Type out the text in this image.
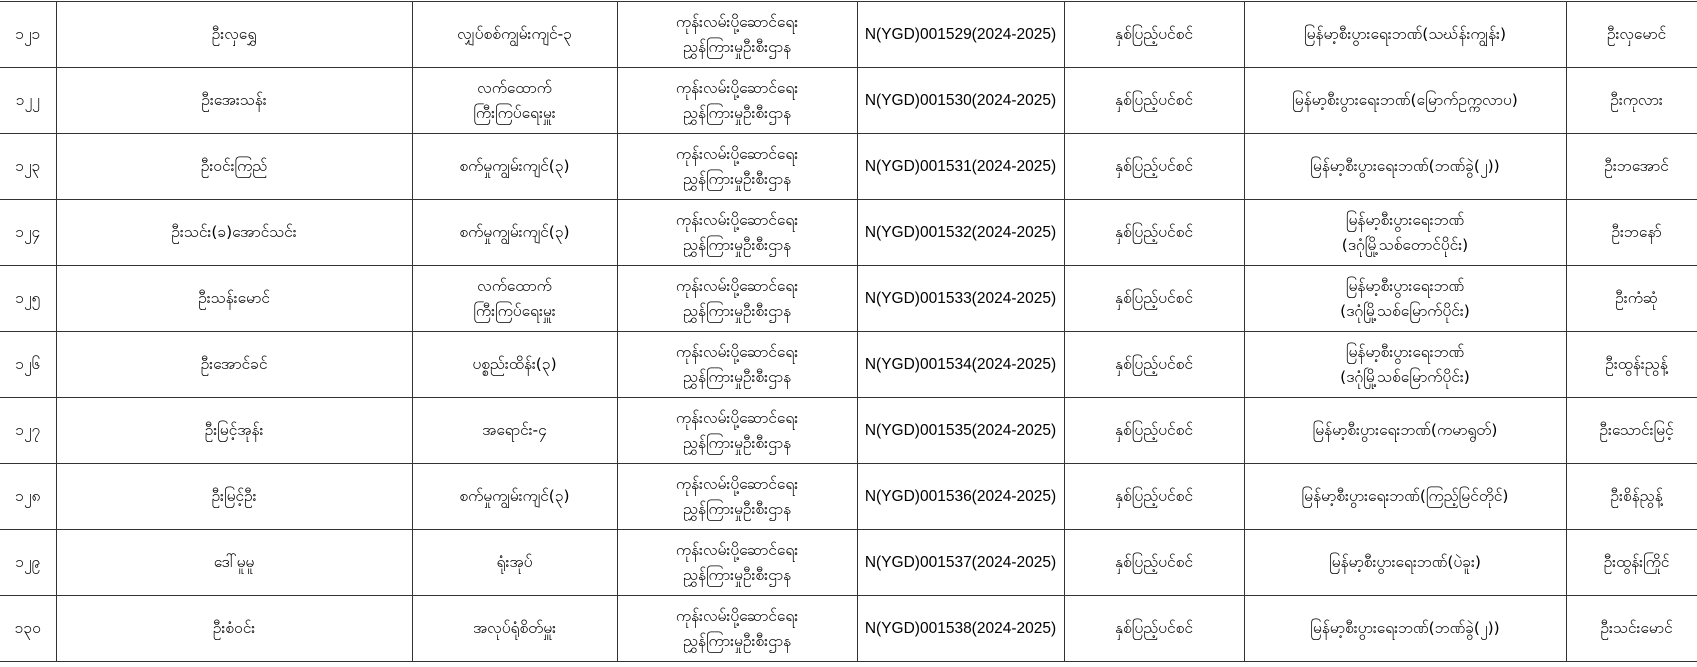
၁၂၁	ဦးလှရွှေ	လျှပ်စစ်ကျွမ်းကျင်-၃	ကုန်းလမ်းပို့ဆောင်ရေး
ညွှန်ကြားမှုဦးစီးဌာန	N(YGD)001529(2024-2025)	နှစ်ပြည့်ပင်စင်	မြန်မာ့စီးပွားရေးဘဏ်(သဃ်န်းကျွန်း)	ဦးလှမောင်
၁၂၂	ဦးအေးသန်း	လက်ထောက်
ကြီးကြပ်ရေးမှူး	ကုန်းလမ်းပို့ဆောင်ရေး
ညွှန်ကြားမှုဦးစီးဌာန	N(YGD)001530(2024-2025)	နှစ်ပြည့်ပင်စင်	မြန်မာ့စီးပွားရေးဘဏ်(မြောက်ဥက္ကလာပ)	ဦးကုလား
၁၂၃	ဦးဝင်းကြည်	စက်မှုကျွမ်းကျင်(၃)	ကုန်းလမ်းပို့ဆောင်ရေး
ညွှန်ကြားမှုဦးစီးဌာန	N(YGD)001531(2024-2025)	နှစ်ပြည့်ပင်စင်	မြန်မာ့စီးပွားရေးဘဏ်(ဘဏ်ခွဲ(၂))	ဦးဘအောင်
၁၂၄	ဦးသင်း(ခ)အောင်သင်း	စက်မှုကျွမ်းကျင်(၃)	ကုန်းလမ်းပို့ဆောင်ရေး
ညွှန်ကြားမှုဦးစီးဌာန	N(YGD)001532(2024-2025)	နှစ်ပြည့်ပင်စင်	မြန်မာ့စီးပွားရေးဘဏ်
(ဒဂုံမြို့သစ်တောင်ပိုင်း)	ဦးဘနော်
၁၂၅	ဦးသန်းမောင်	လက်ထောက်
ကြီးကြပ်ရေးမှူး	ကုန်းလမ်းပို့ဆောင်ရေး
ညွှန်ကြားမှုဦးစီးဌာန	N(YGD)001533(2024-2025)	နှစ်ပြည့်ပင်စင်	မြန်မာ့စီးပွားရေးဘဏ်
(ဒဂုံမြို့သစ်မြောက်ပိုင်း)	ဦးကံဆုံ
၁၂၆	ဦးအောင်ခင်	ပစ္စည်းထိန်း(၃)	ကုန်းလမ်းပို့ဆောင်ရေး
ညွှန်ကြားမှုဦးစီးဌာန	N(YGD)001534(2024-2025)	နှစ်ပြည့်ပင်စင်	မြန်မာ့စီးပွားရေးဘဏ်
(ဒဂုံမြို့သစ်မြောက်ပိုင်း)	ဦးထွန်းညွန့်
၁၂၇	ဦးမြင့်အုန်း	အရောင်း-၄	ကုန်းလမ်းပို့ဆောင်ရေး
ညွှန်ကြားမှုဦးစီးဌာန	N(YGD)001535(2024-2025)	နှစ်ပြည့်ပင်စင်	မြန်မာ့စီးပွားရေးဘဏ်(ကမာရွတ်)	ဦးသောင်းမြင့်
၁၂၈	ဦးမြင့်ဦး	စက်မှုကျွမ်းကျင်(၃)	ကုန်းလမ်းပို့ဆောင်ရေး
ညွှန်ကြားမှုဦးစီးဌာန	N(YGD)001536(2024-2025)	နှစ်ပြည့်ပင်စင်	မြန်မာ့စီးပွားရေးဘဏ်(ကြည့်မြင်တိုင်)	ဦးစိန်ညွန့်
၁၂၉	ဒေါ်မူမူ	ရုံးအုပ်	ကုန်းလမ်းပို့ဆောင်ရေး
ညွှန်ကြားမှုဦးစီးဌာန	N(YGD)001537(2024-2025)	နှစ်ပြည့်ပင်စင်	မြန်မာ့စီးပွားရေးဘဏ်(ပဲခူး)	ဦးထွန်းကြိုင်
၁၃၀	ဦးစံဝင်း	အလုပ်ရုံစိတ်မှူး	ကုန်းလမ်းပို့ဆောင်ရေး
ညွှန်ကြားမှုဦးစီးဌာန	N(YGD)001538(2024-2025)	နှစ်ပြည့်ပင်စင်	မြန်မာ့စီးပွားရေးဘဏ်(ဘဏ်ခွဲ(၂))	ဦးသင်းမောင်
